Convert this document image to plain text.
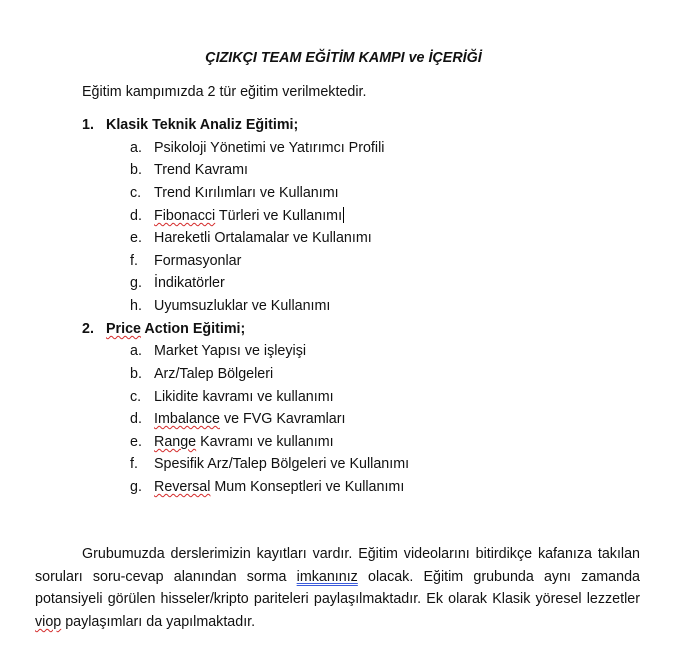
ÇIZIKÇI TEAM EĞİTİM KAMPI ve İÇERİĞİ
Eğitim kampımızda 2 tür eğitim verilmektedir.
1. Klasik Teknik Analiz Eğitimi;
a. Psikoloji Yönetimi ve Yatırımcı Profili
b. Trend Kavramı
c. Trend Kırılımları ve Kullanımı
d. Fibonacci Türleri ve Kullanımı
e. Hareketli Ortalamalar ve Kullanımı
f. Formasyonlar
g. İndikatörler
h. Uyumsuzluklar ve Kullanımı
2. Price Action Eğitimi;
a. Market Yapısı ve işleyişi
b. Arz/Talep Bölgeleri
c. Likidite kavramı ve kullanımı
d. Imbalance ve FVG Kavramları
e. Range Kavramı ve kullanımı
f. Spesifik Arz/Talep Bölgeleri ve Kullanımı
g. Reversal Mum Konseptleri ve Kullanımı
Grubumuzda derslerimizin kayıtları vardır. Eğitim videolarını bitirdikçe kafanıza takılan soruları soru-cevap alanından sorma imkanınız olacak. Eğitim grubunda aynı zamanda potansiyeli görülen hisseler/kripto pariteleri paylaşılmaktadır. Ek olarak Klasik yöresel lezzetler viop paylaşımları da yapılmaktadır.
